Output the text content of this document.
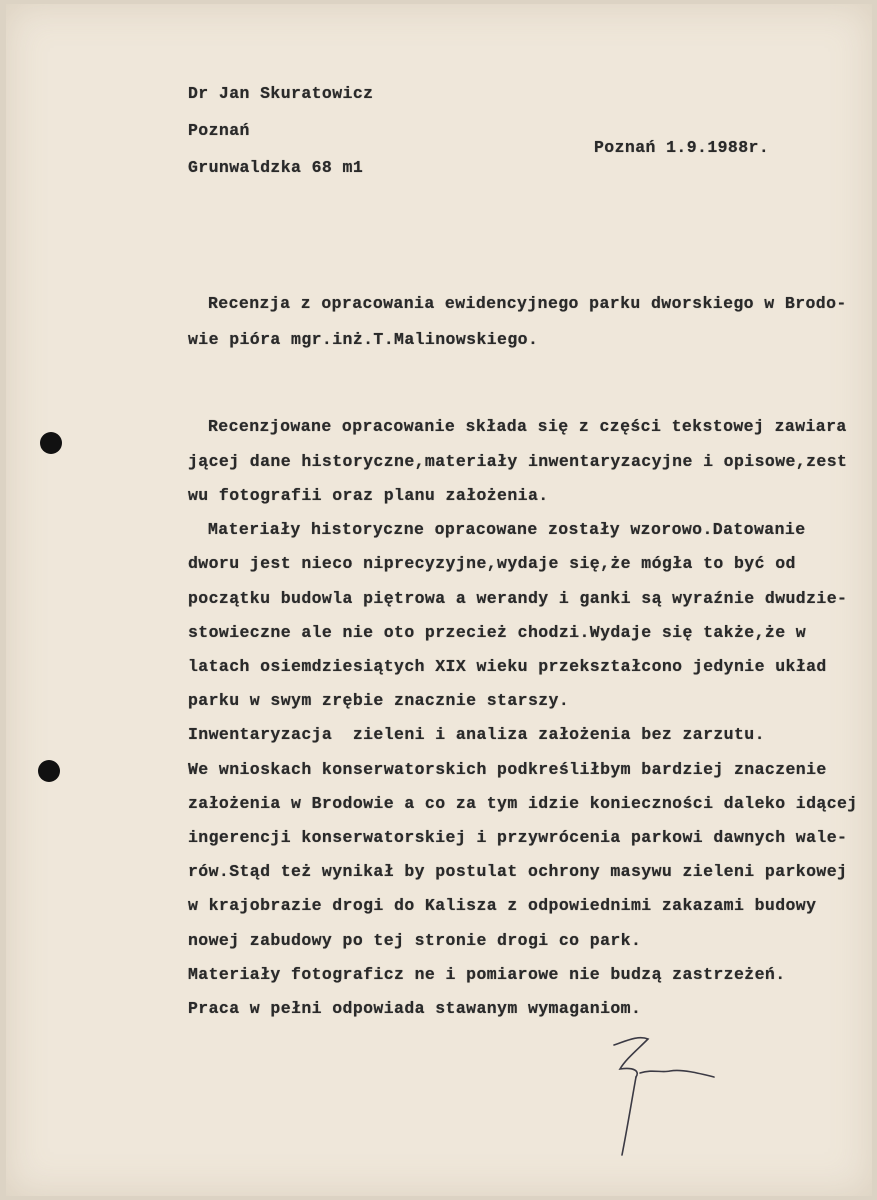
Dr Jan Skuratowicz
Poznań
Grunwaldzka 68 m1
Poznań 1.9.1988r.
Recenzja z opracowania ewidencyjnego parku dworskiego w Brodo-
wie pióra mgr.inż.T.Malinowskiego.
Recenzjowane opracowanie składa się z części tekstowej zawiara
jącej dane historyczne,materiały inwentaryzacyjne i opisowe,zest
wu fotografii oraz planu założenia.
Materiały historyczne opracowane zostały wzorowo.Datowanie
dworu jest nieco niprecyzyjne,wydaje się,że mógła to być od
początku budowla piętrowa a werandy i ganki są wyraźnie dwudzie-
stowieczne ale nie oto przecież chodzi.Wydaje się także,że w
latach osiemdziesiątych XIX wieku przekształcono jedynie układ
parku w swym zrębie znacznie starszy.
Inwentaryzacja  zieleni i analiza założenia bez zarzutu.
We wnioskach konserwatorskich podkreśliłbym bardziej znaczenie
założenia w Brodowie a co za tym idzie konieczności daleko idącej
ingerencji konserwatorskiej i przywrócenia parkowi dawnych wale-
rów.Stąd też wynikał by postulat ochrony masywu zieleni parkowej
w krajobrazie drogi do Kalisza z odpowiednimi zakazami budowy
nowej zabudowy po tej stronie drogi co park.
Materiały fotograficz ne i pomiarowe nie budzą zastrzeżeń.
Praca w pełni odpowiada stawanym wymaganiom.
